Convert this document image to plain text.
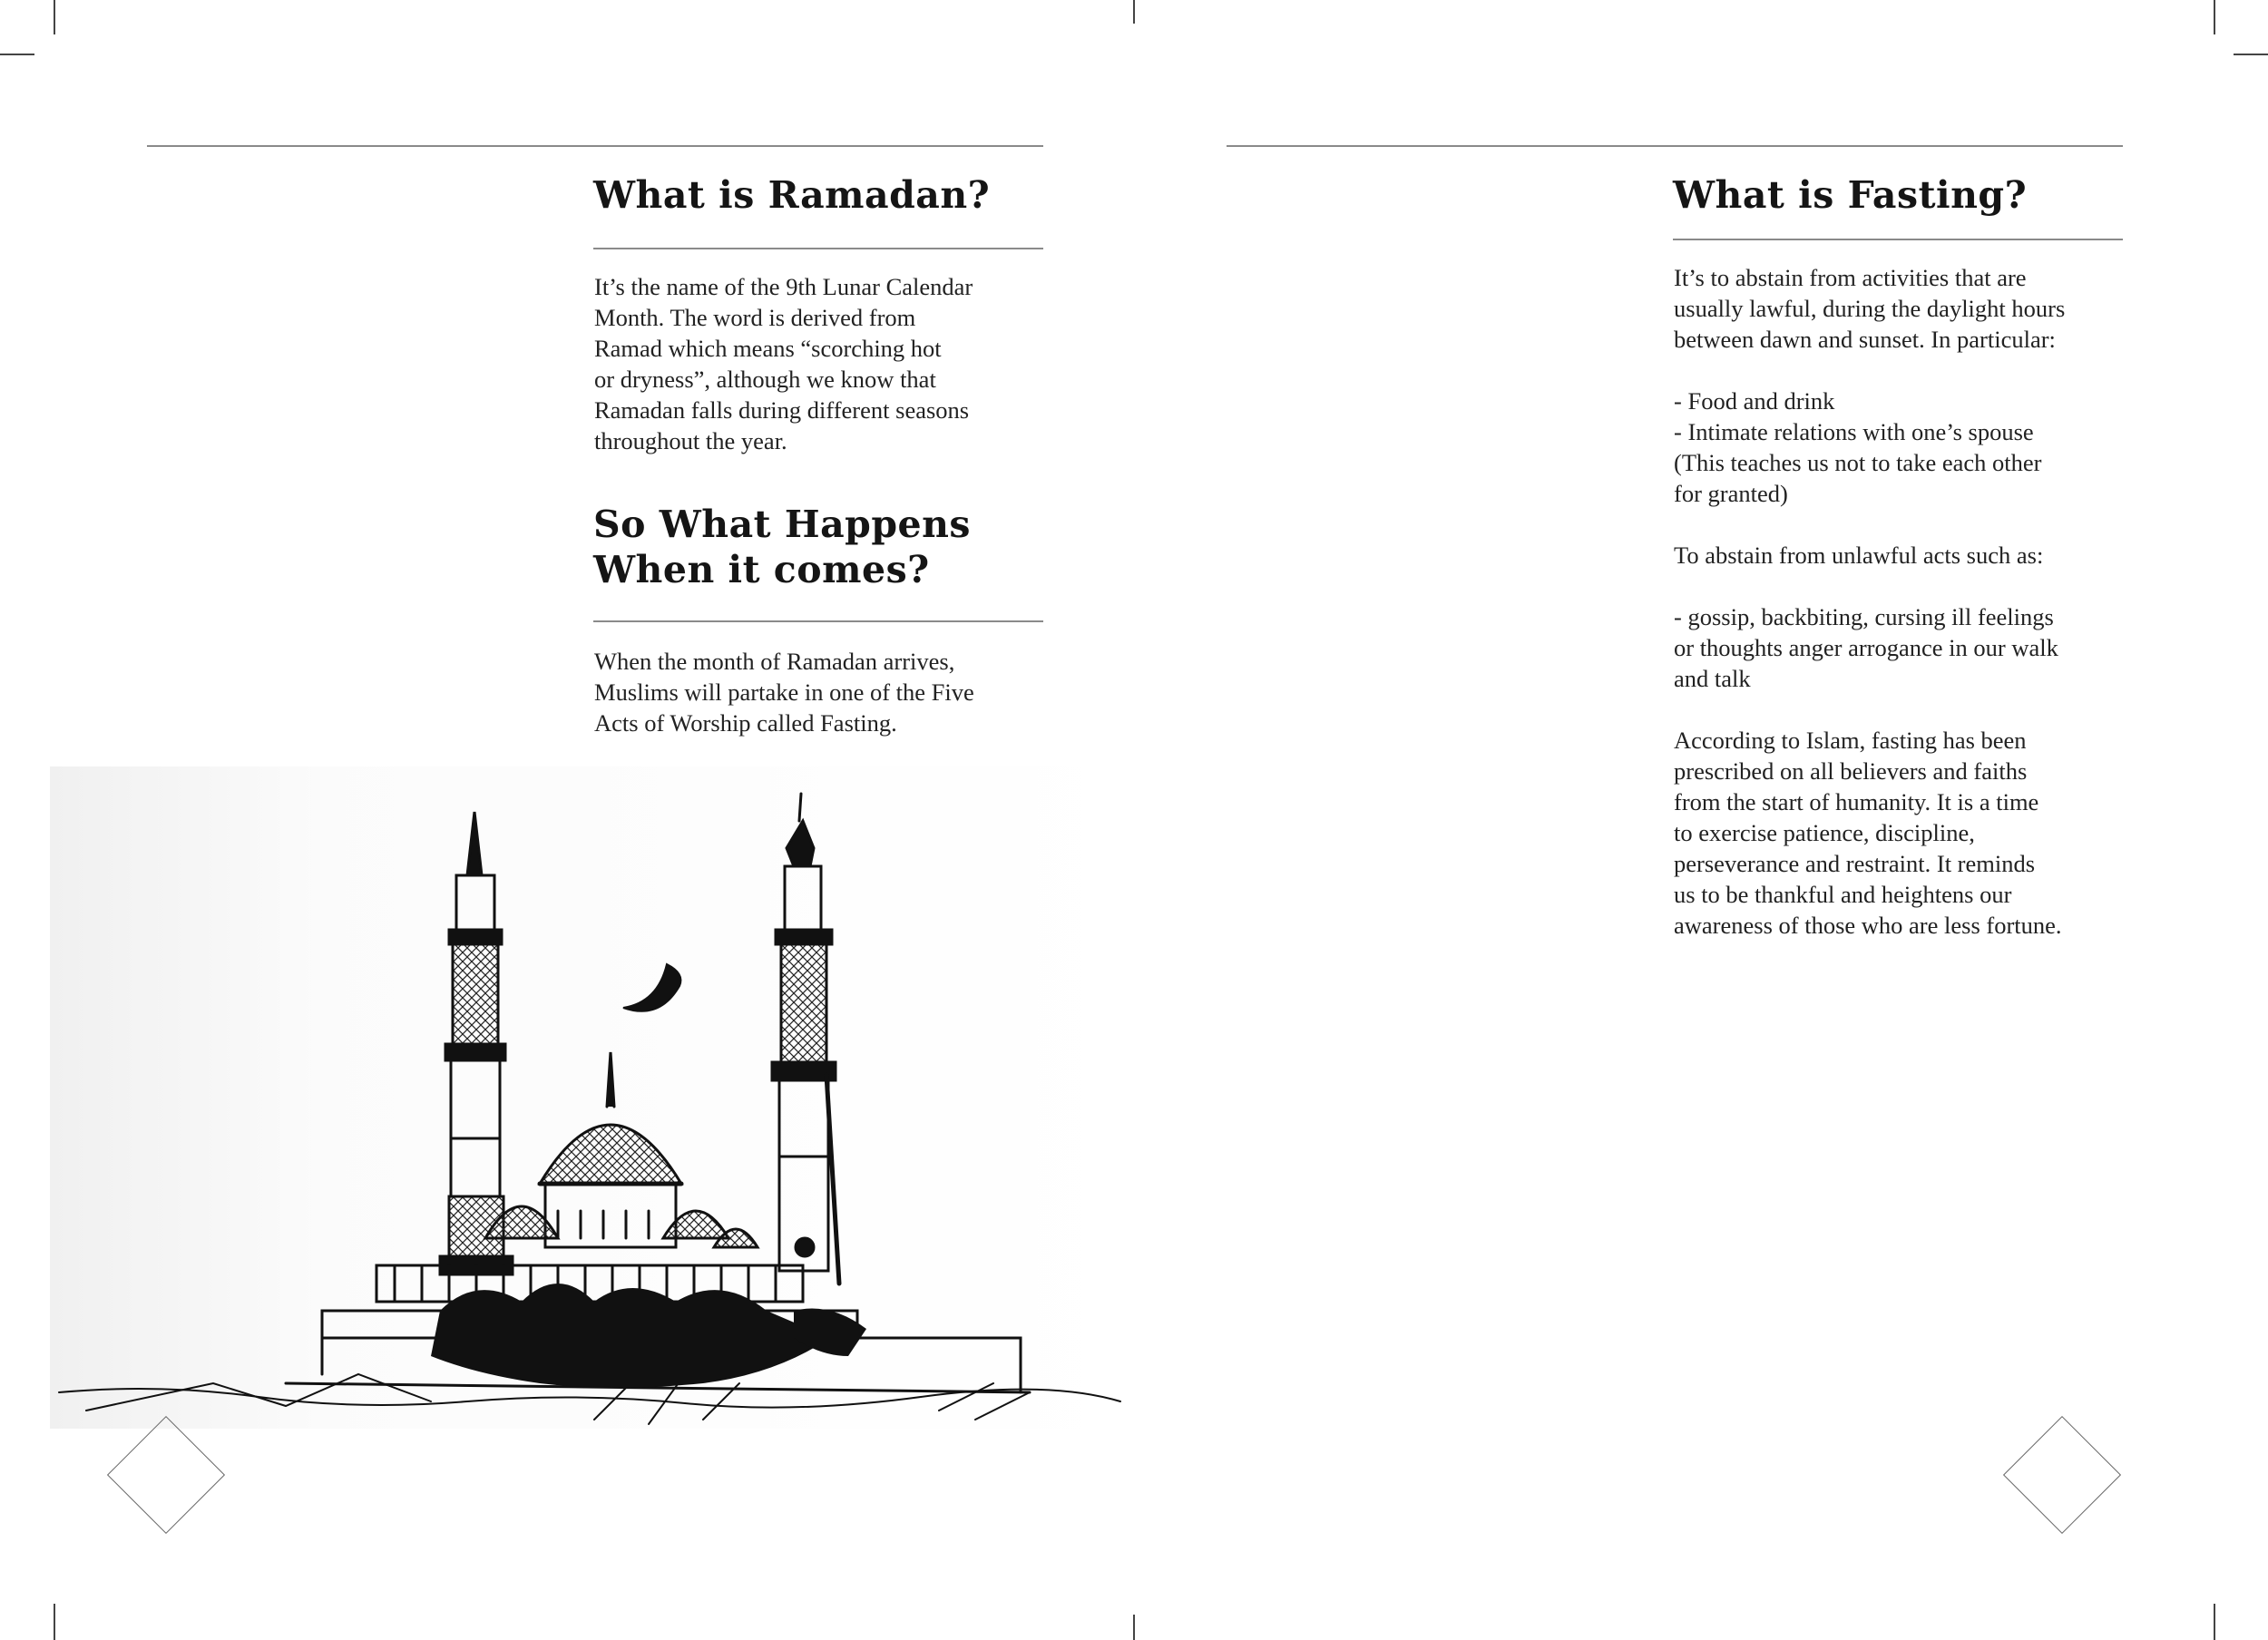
What is Ramadan?

It’s the name of the 9th Lunar Calendar
Month. The word is derived from
Ramad which means “scorching hot
or dryness”, although we know that
Ramadan falls during different seasons
throughout the year.

So What Happens
When it comes?

When the month of Ramadan arrives,
Muslims will partake in one of the Five
Acts of Worship called Fasting.

What is Fasting?

It’s to abstain from activities that are
usually lawful, during the daylight hours
between dawn and sunset. In particular:

- Food and drink

- Intimate relations with one’s spouse
(This teaches us not to take each other
for granted)

To abstain from unlawful acts such as:

- gossip, backbiting, cursing ill feelings
or thoughts anger arrogance in our walk
and talk

According to Islam, fasting has been
prescribed on all believers and faiths
from the start of humanity. It is a time
to exercise patience, discipline,
perseverance and restraint. It reminds
us to be thankful and heightens our
awareness of those who are less fortune.
